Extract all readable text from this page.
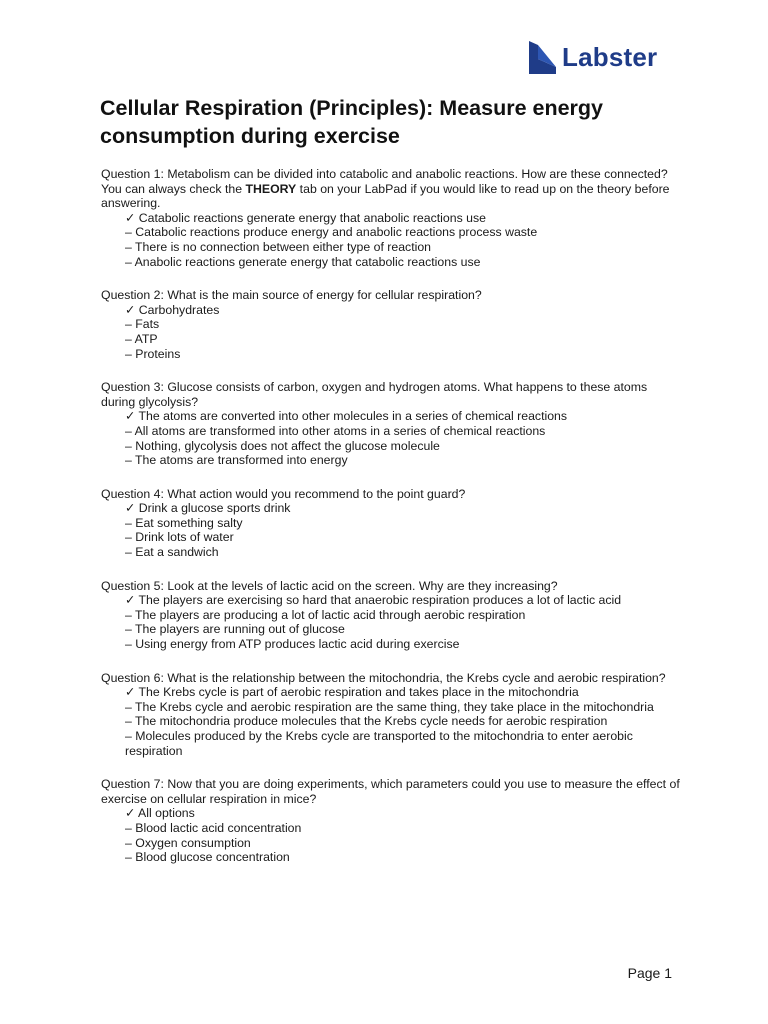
Labster
Cellular Respiration (Principles): Measure energy consumption during exercise

Question 1: Metabolism can be divided into catabolic and anabolic reactions. How are these connected? You can always check the THEORY tab on your LabPad if you would like to read up on the theory before answering.

✓ Catabolic reactions generate energy that anabolic reactions use
– Catabolic reactions produce energy and anabolic reactions process waste
– There is no connection between either type of reaction
– Anabolic reactions generate energy that catabolic reactions use

Question 2: What is the main source of energy for cellular respiration?

✓ Carbohydrates
– Fats
– ATP
– Proteins

Question 3: Glucose consists of carbon, oxygen and hydrogen atoms. What happens to these atoms during glycolysis?

✓ The atoms are converted into other molecules in a series of chemical reactions
– All atoms are transformed into other atoms in a series of chemical reactions
– Nothing, glycolysis does not affect the glucose molecule
– The atoms are transformed into energy

Question 4: What action would you recommend to the point guard?

✓ Drink a glucose sports drink
– Eat something salty
– Drink lots of water
– Eat a sandwich

Question 5: Look at the levels of lactic acid on the screen. Why are they increasing?

✓ The players are exercising so hard that anaerobic respiration produces a lot of lactic acid
– The players are producing a lot of lactic acid through aerobic respiration
– The players are running out of glucose
– Using energy from ATP produces lactic acid during exercise

Question 6: What is the relationship between the mitochondria, the Krebs cycle and aerobic respiration?

✓ The Krebs cycle is part of aerobic respiration and takes place in the mitochondria
– The Krebs cycle and aerobic respiration are the same thing, they take place in the mitochondria
– The mitochondria produce molecules that the Krebs cycle needs for aerobic respiration
– Molecules produced by the Krebs cycle are transported to the mitochondria to enter aerobic respiration

Question 7: Now that you are doing experiments, which parameters could you use to measure the effect of exercise on cellular respiration in mice?

✓ All options
– Blood lactic acid concentration
– Oxygen consumption
– Blood glucose concentration
Page 1
